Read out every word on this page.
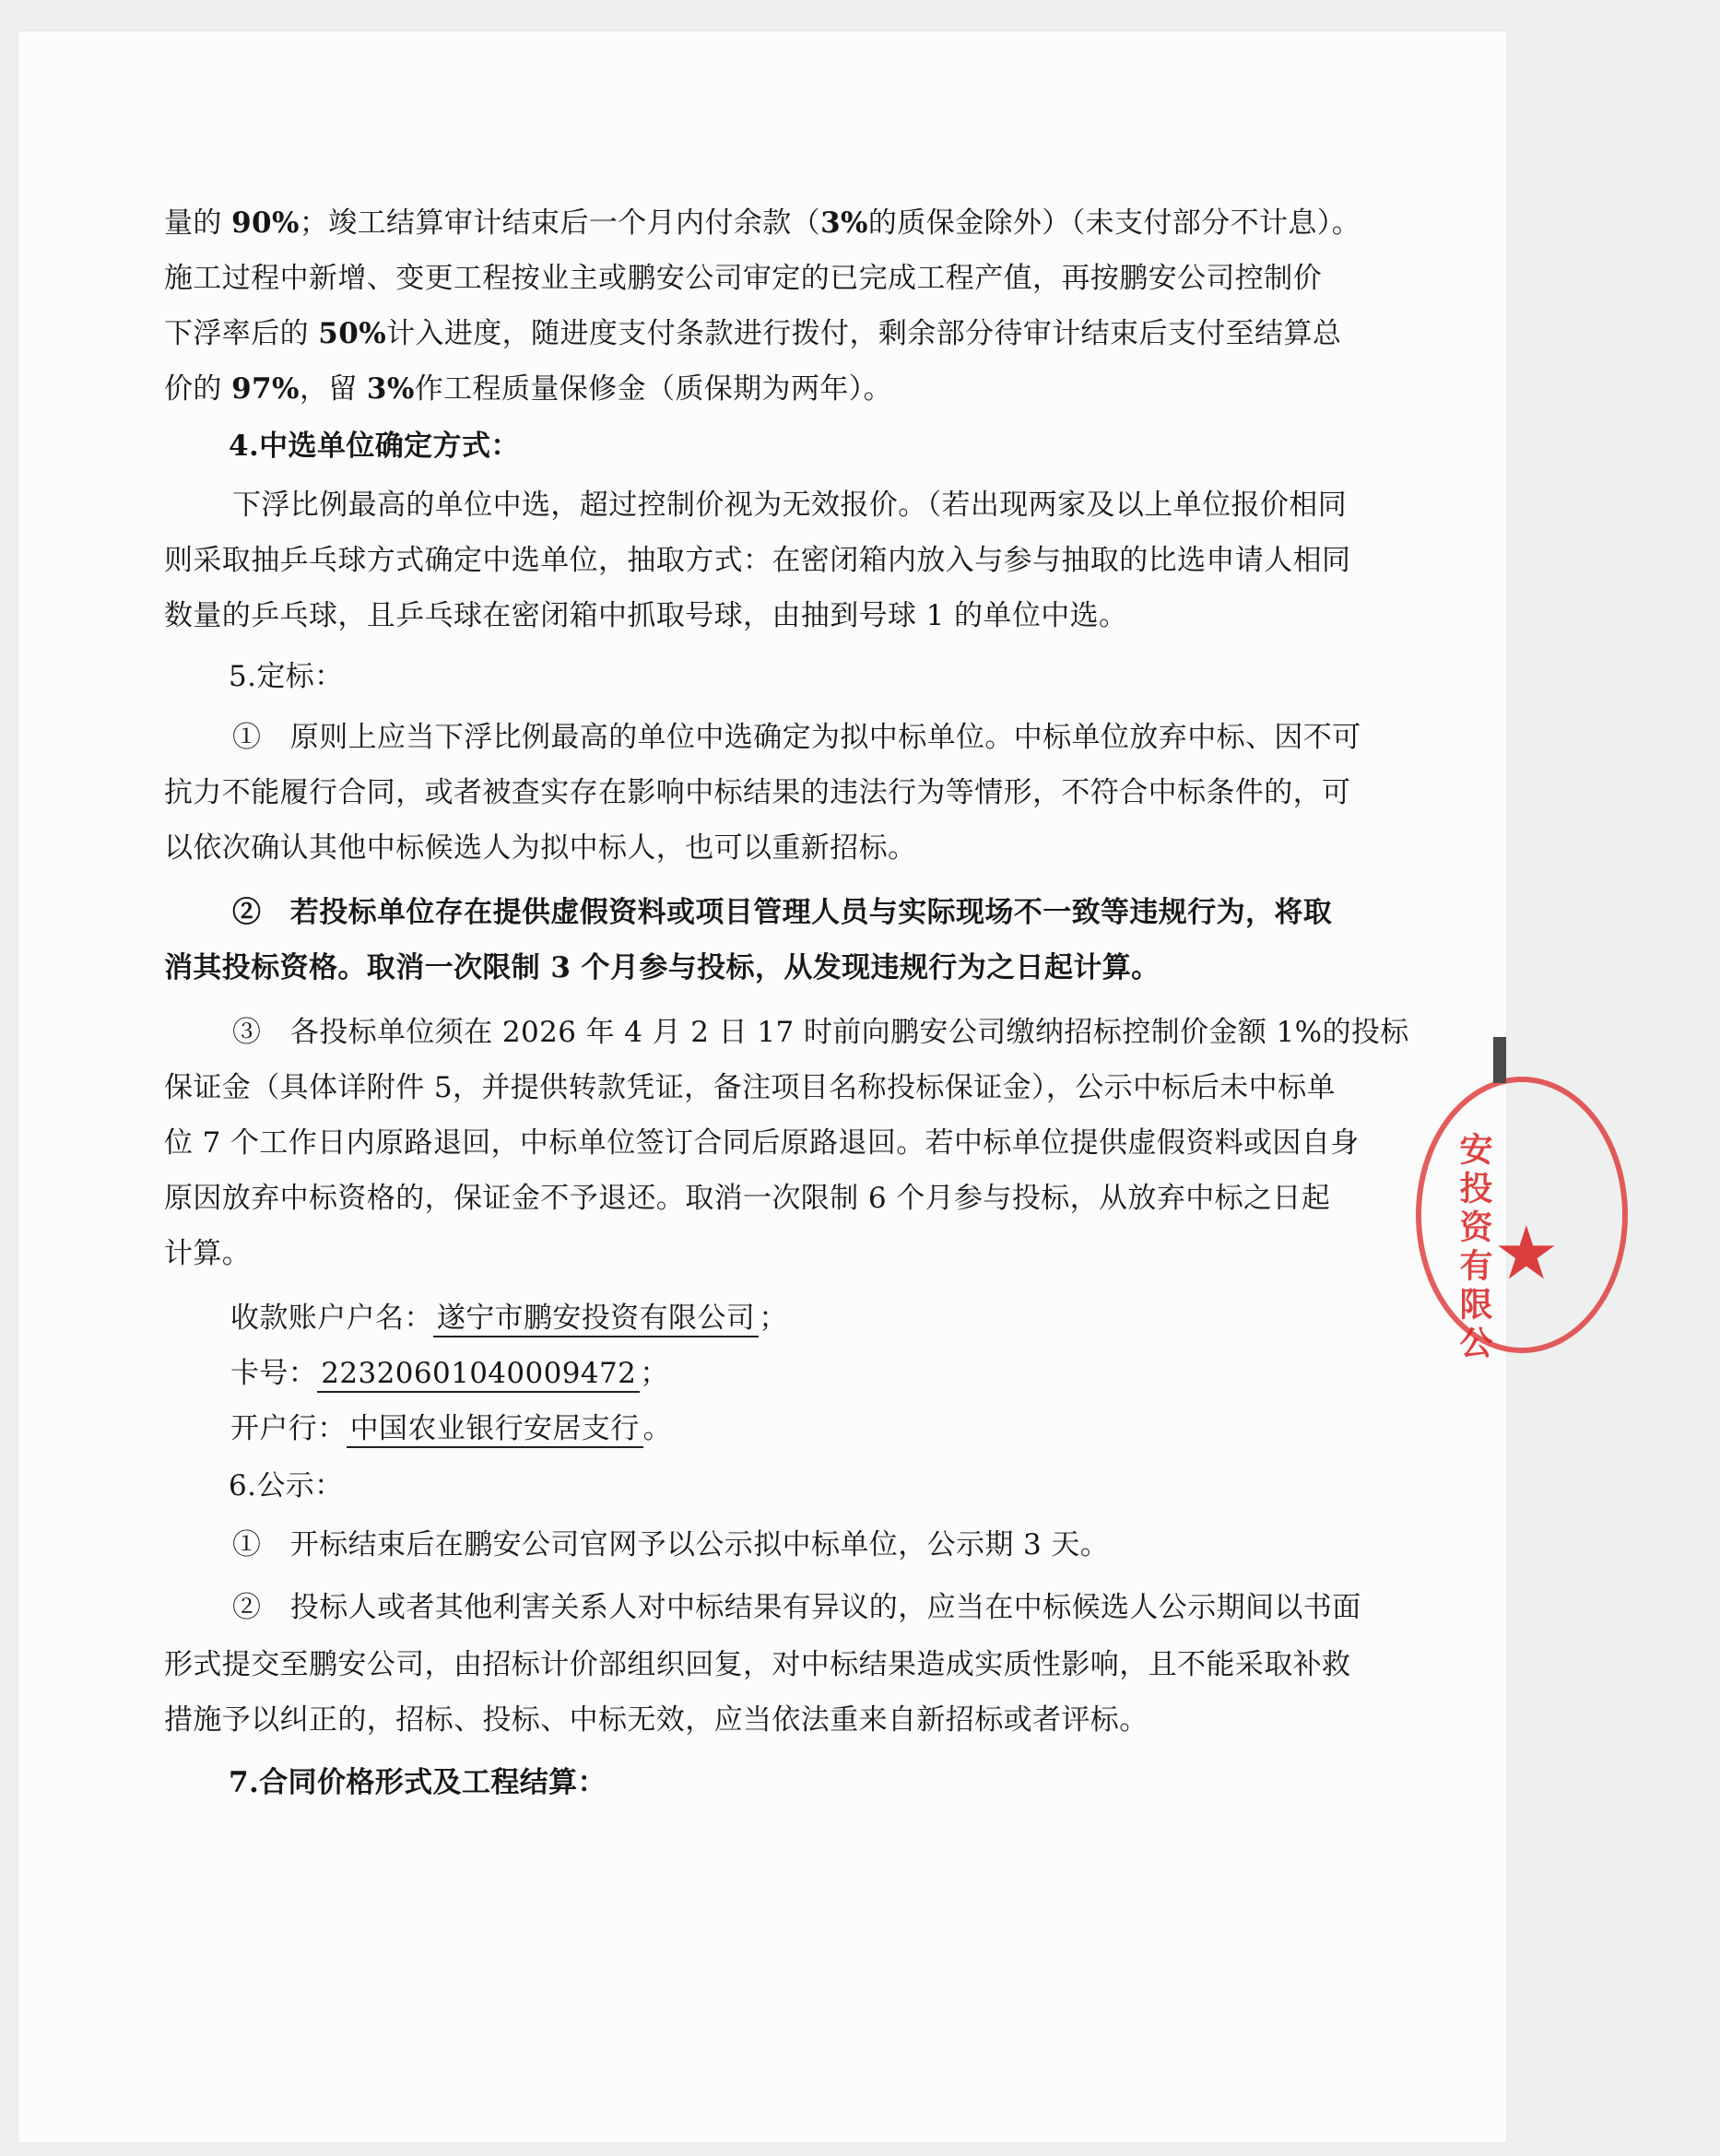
量的 90%；竣工结算审计结束后一个月内付余款（3%的质保金除外）（未支付部分不计息）。
施工过程中新增、变更工程按业主或鹏安公司审定的已完成工程产值，再按鹏安公司控制价
下浮率后的 50%计入进度，随进度支付条款进行拨付，剩余部分待审计结束后支付至结算总
价的 97%，留 3%作工程质量保修金（质保期为两年）。
4.中选单位确定方式：
下浮比例最高的单位中选，超过控制价视为无效报价。（若出现两家及以上单位报价相同
则采取抽乒乓球方式确定中选单位，抽取方式：在密闭箱内放入与参与抽取的比选申请人相同
数量的乒乓球，且乒乓球在密闭箱中抓取号球，由抽到号球 1 的单位中选。
5.定标：
①　原则上应当下浮比例最高的单位中选确定为拟中标单位。中标单位放弃中标、因不可
抗力不能履行合同，或者被查实存在影响中标结果的违法行为等情形，不符合中标条件的，可
以依次确认其他中标候选人为拟中标人，也可以重新招标。
②　若投标单位存在提供虚假资料或项目管理人员与实际现场不一致等违规行为，将取
消其投标资格。取消一次限制 3 个月参与投标，从发现违规行为之日起计算。
③　各投标单位须在 2026 年 4 月 2 日 17 时前向鹏安公司缴纳招标控制价金额 1%的投标
保证金（具体详附件 5，并提供转款凭证，备注项目名称投标保证金），公示中标后未中标单
位 7 个工作日内原路退回，中标单位签订合同后原路退回。若中标单位提供虚假资料或因自身
原因放弃中标资格的，保证金不予退还。取消一次限制 6 个月参与投标，从放弃中标之日起
计算。
收款账户户名： 遂宁市鹏安投资有限公司 ；
卡号： 22320601040009472 ；
开户行： 中国农业银行安居支行 。
6.公示：
①　开标结束后在鹏安公司官网予以公示拟中标单位，公示期 3 天。
②　投标人或者其他利害关系人对中标结果有异议的，应当在中标候选人公示期间以书面
形式提交至鹏安公司，由招标计价部组织回复，对中标结果造成实质性影响，且不能采取补救
措施予以纠正的，招标、投标、中标无效，应当依法重来自新招标或者评标。
7.合同价格形式及工程结算：
安投资有限公 ★
